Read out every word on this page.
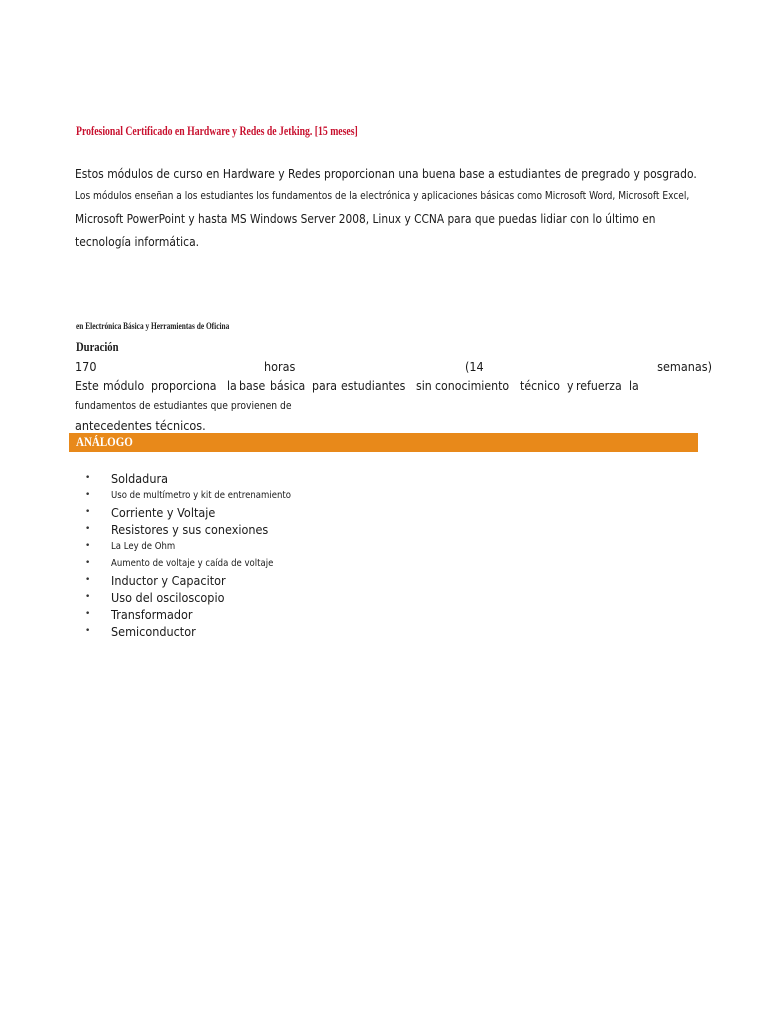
Profesional Certificado en Hardware y Redes de Jetking. [15 meses]
Estos módulos de curso en Hardware y Redes proporcionan una buena base a estudiantes de pregrado y posgrado.
Los módulos enseñan a los estudiantes los fundamentos de la electrónica y aplicaciones básicas como Microsoft Word, Microsoft Excel,
Microsoft PowerPoint y hasta MS Windows Server 2008, Linux y CCNA para que puedas lidiar con lo último en
tecnología informática.
en Electrónica Básica y Herramientas de Oficina
Duración
170	horas	(14	semanas)
Este módulo proporciona la base básica para estudiantes sin conocimiento técnico y refuerza la
fundamentos de estudiantes que provienen de
antecedentes técnicos.
ANÁLOGO
• Soldadura
• Uso de multímetro y kit de entrenamiento
• Corriente y Voltaje
• Resistores y sus conexiones
• La Ley de Ohm
• Aumento de voltaje y caída de voltaje
• Inductor y Capacitor
• Uso del osciloscopio
• Transformador
• Semiconductor
